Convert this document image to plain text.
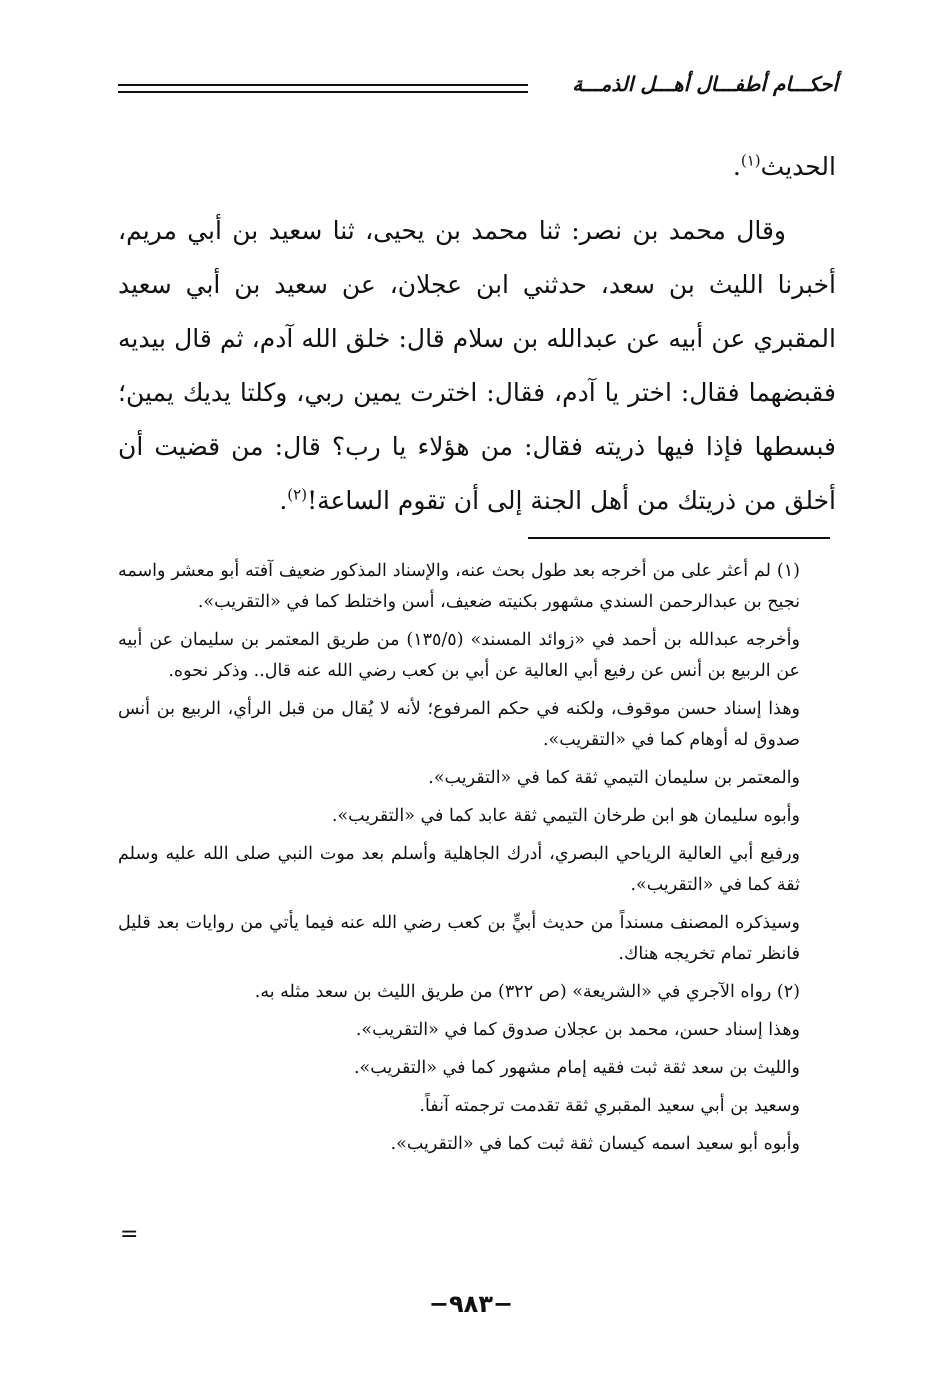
أحكـــام أطفـــال أهـــل الذمـــة

الحديث$^{(١)}$.

وقال محمد بن نصر: ثنا محمد بن يحيى، ثنا سعيد بن أبي مريم، أخبرنا الليث بن سعد، حدثني ابن عجلان، عن سعيد بن أبي سعيد المقبري عن أبيه عن عبدالله بن سلام قال: خلق الله آدم، ثم قال بيديه فقبضهما فقال: اختر يا آدم، فقال: اخترت يمين ربي، وكلتا يديك يمين؛ فبسطها فإذا فيها ذريته فقال: من هؤلاء يا رب؟ قال: من قضيت أن أخلق من ذريتك من أهل الجنة إلى أن تقوم الساعة!$^{(٢)}$.

(١) لم أعثر على من أخرجه بعد طول بحث عنه، والإسناد المذكور ضعيف آفته أبو معشر واسمه نجيح بن عبدالرحمن السندي مشهور بكنيته ضعيف، أسن واختلط كما في «التقريب».

وأخرجه عبدالله بن أحمد في «زوائد المسند» (١٣٥/٥) من طريق المعتمر بن سليمان عن أبيه عن الربيع بن أنس عن رفيع أبي العالية عن أبي بن كعب رضي الله عنه قال.. وذكر نحوه.

وهذا إسناد حسن موقوف، ولكنه في حكم المرفوع؛ لأنه لا يُقال من قبل الرأي، الربيع بن أنس صدوق له أوهام كما في «التقريب».

والمعتمر بن سليمان التيمي ثقة كما في «التقريب».

وأبوه سليمان هو ابن طرخان التيمي ثقة عابد كما في «التقريب».

ورفيع أبي العالية الرياحي البصري، أدرك الجاهلية وأسلم بعد موت النبي صلى الله عليه وسلم ثقة كما في «التقريب».

وسيذكره المصنف مسنداً من حديث أبيٍّ بن كعب رضي الله عنه فيما يأتي من روايات بعد قليل فانظر تمام تخريجه هناك.

(٢) رواه الآجري في «الشريعة» (ص ٣٢٢) من طريق الليث بن سعد مثله به.

وهذا إسناد حسن، محمد بن عجلان صدوق كما في «التقريب».

والليث بن سعد ثقة ثبت فقيه إمام مشهور كما في «التقريب».

وسعيد بن أبي سعيد المقبري ثقة تقدمت ترجمته آنفاً.

وأبوه أبو سعيد اسمه كيسان ثقة ثبت كما في «التقريب».

=
−٩٨٣−
